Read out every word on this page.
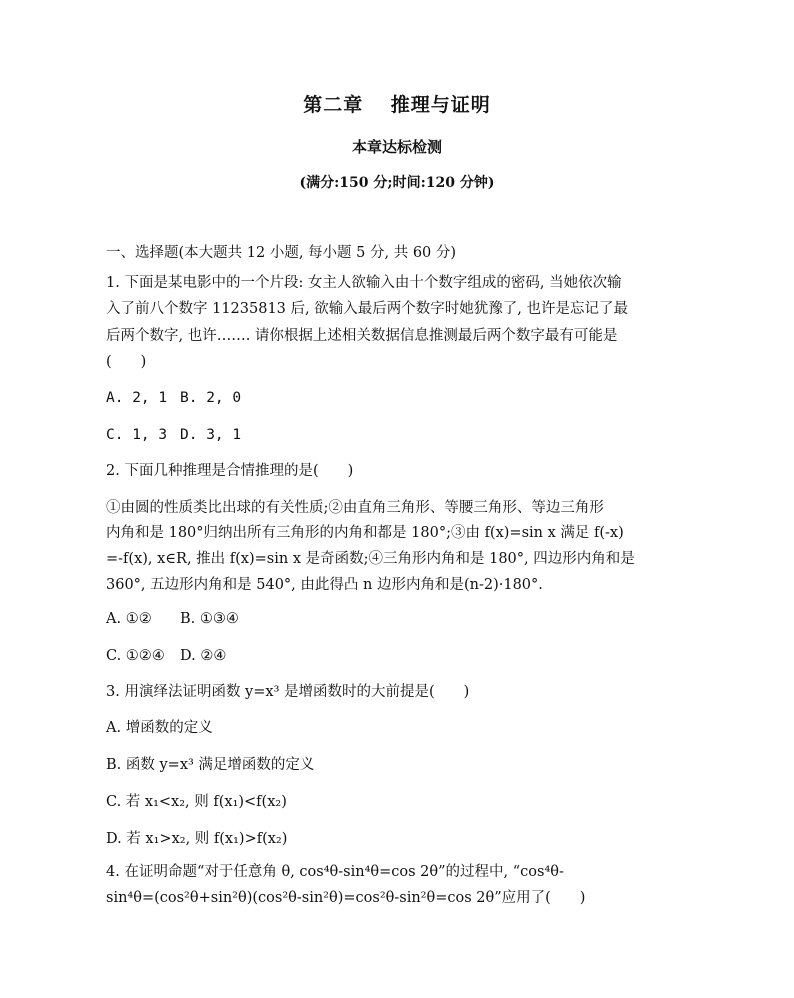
第二章　 推理与证明
本章达标检测
(满分:150 分;时间:120 分钟)
一、选择题(本大题共 12 小题, 每小题 5 分, 共 60 分)
1. 下面是某电影中的一个片段: 女主人欲输入由十个数字组成的密码, 当她依次输
入了前八个数字 11235813 后, 欲输入最后两个数字时她犹豫了, 也许是忘记了最
后两个数字, 也许……. 请你根据上述相关数据信息推测最后两个数字最有可能是
(　　)
A. 2, 1 B. 2, 0
C. 1, 3 D. 3, 1
2. 下面几种推理是合情推理的是(　　)
①由圆的性质类比出球的有关性质;②由直角三角形、等腰三角形、等边三角形
内角和是 180°归纳出所有三角形的内角和都是 180°;③由 f(x)=sin x 满足 f(-x)
=-f(x), x∈R, 推出 f(x)=sin x 是奇函数;④三角形内角和是 180°, 四边形内角和是
360°, 五边形内角和是 540°, 由此得凸 n 边形内角和是(n-2)·180°.
A. ①② B. ①③④
C. ①②④ D. ②④
3. 用演绎法证明函数 y=x³ 是增函数时的大前提是(　　)
A. 增函数的定义
B. 函数 y=x³ 满足增函数的定义
C. 若 x₁<x₂, 则 f(x₁)<f(x₂)
D. 若 x₁>x₂, 则 f(x₁)>f(x₂)
4. 在证明命题“对于任意角 θ, cos⁴θ-sin⁴θ=cos 2θ”的过程中, “cos⁴θ-
sin⁴θ=(cos²θ+sin²θ)(cos²θ-sin²θ)=cos²θ-sin²θ=cos 2θ”应用了(　　)
